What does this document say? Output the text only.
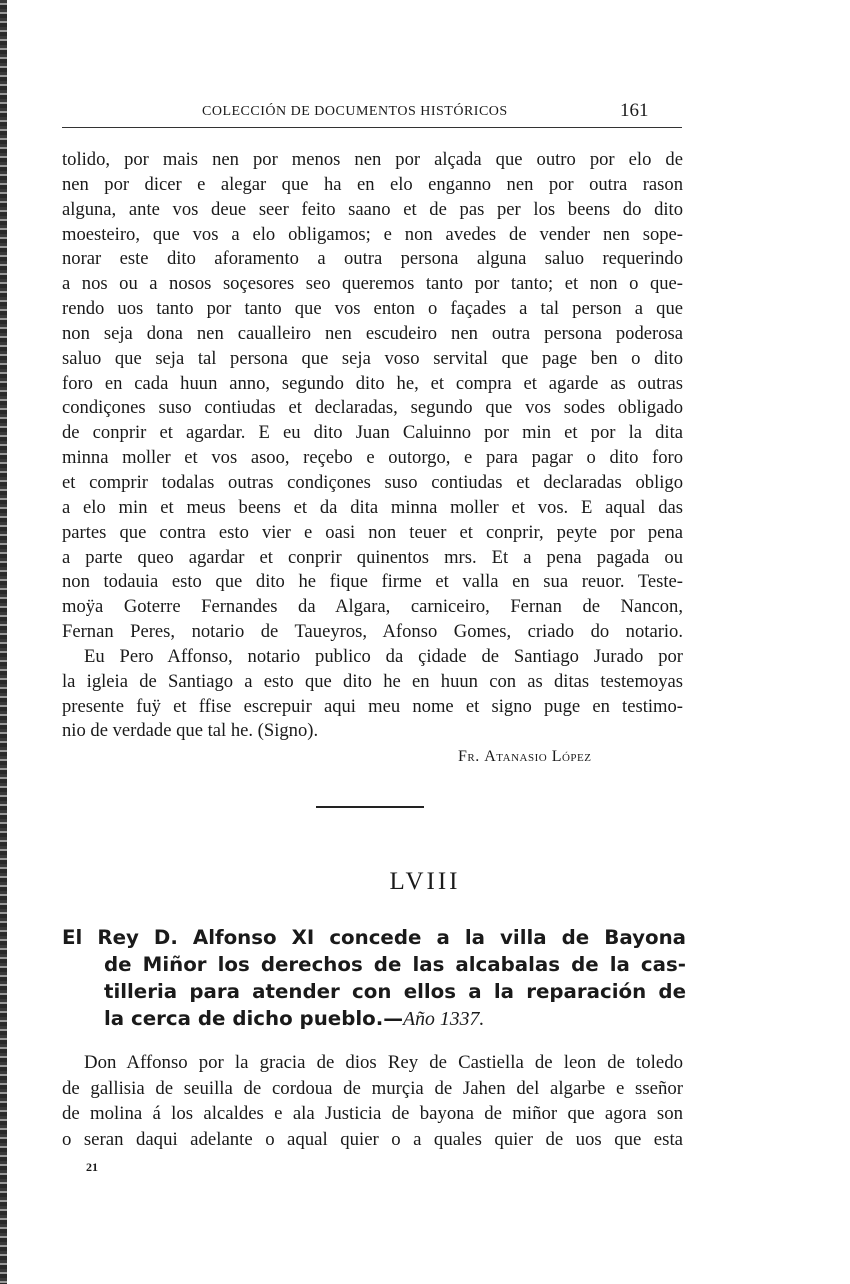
COLECCIÓN DE DOCUMENTOS HISTÓRICOS	161
tolido, por mais nen por menos nen por alçada que outro por elo de
nen por dicer e alegar que ha en elo enganno nen por outra rason
alguna, ante vos deue seer feito saano et de pas per los beens do dito
moesteiro, que vos a elo obligamos; e non avedes de vender nen sope-
norar este dito aforamento a outra persona alguna saluo requerindo
a nos ou a nosos soçesores seo queremos tanto por tanto; et non o que-
rendo uos tanto por tanto que vos enton o façades a tal person a que
non seja dona nen caualleiro nen escudeiro nen outra persona poderosa
saluo que seja tal persona que seja voso servital que page ben o dito
foro en cada huun anno, segundo dito he, et compra et agarde as outras
condiçones suso contiudas et declaradas, segundo que vos sodes obligado
de conprir et agardar. E eu dito Juan Caluinno por min et por la dita
minna moller et vos asoo, reçebo e outorgo, e para pagar o dito foro
et comprir todalas outras condiçones suso contiudas et declaradas obligo
a elo min et meus beens et da dita minna moller et vos. E aqual das
partes que contra esto vier e oasi non teuer et conprir, peyte por pena
a parte queo agardar et conprir quinentos mrs. Et a pena pagada ou
non todauia esto que dito he fique firme et valla en sua reuor. Teste-
moÿa Goterre Fernandes da Algara, carniceiro, Fernan de Nancon,
Fernan Peres, notario de Taueyros, Afonso Gomes, criado do notario.
Eu Pero Affonso, notario publico da çidade de Santiago Jurado por
la igleia de Santiago a esto que dito he en huun con as ditas testemoyas
presente fuÿ et ffise escrepuir aqui meu nome et signo puge en testimo-
nio de verdade que tal he. (Signo).
Fr. Atanasio López
LVIII
El Rey D. Alfonso XI concede a la villa de Bayona
de Miñor los derechos de las alcabalas de la cas-
tilleria para atender con ellos a la reparación de
la cerca de dicho pueblo.—Año 1337.
Don Affonso por la gracia de dios Rey de Castiella de leon de toledo
de gallisia de seuilla de cordoua de murçia de Jahen del algarbe e sseñor
de molina á los alcaldes e ala Justicia de bayona de miñor que agora son
o seran daqui adelante o aqual quier o a quales quier de uos que esta
21
